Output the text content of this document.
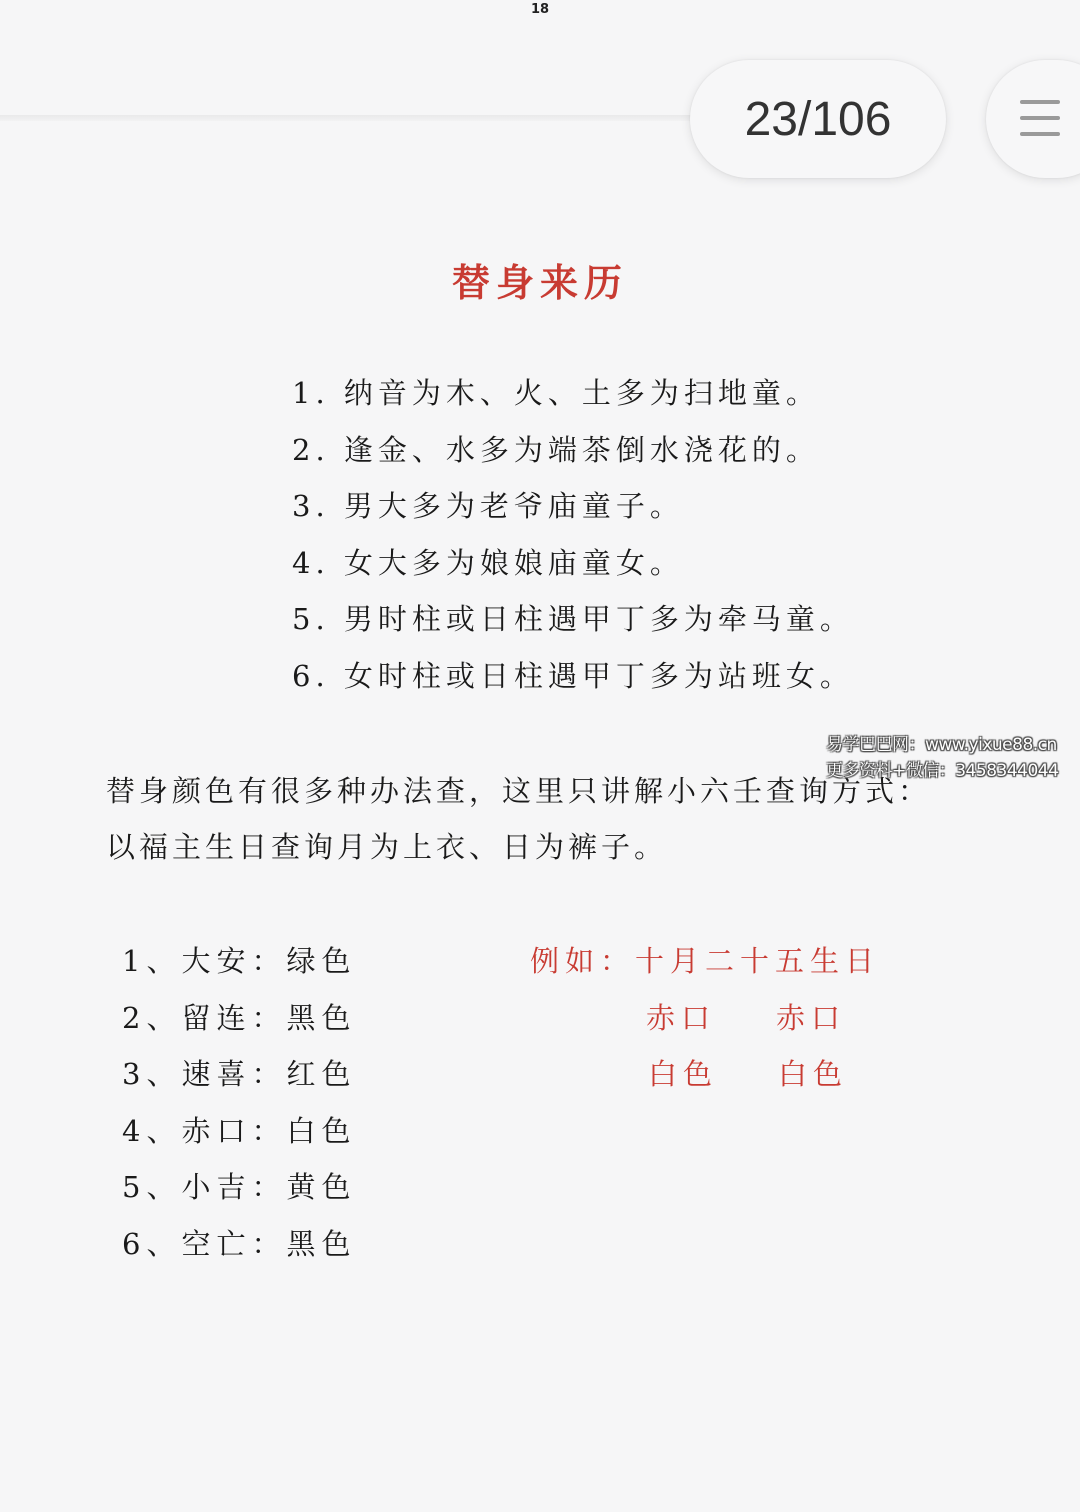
18
23/106
替身来历
1. 纳音为木、火、土多为扫地童。
2. 逢金、水多为端茶倒水浇花的。
3. 男大多为老爷庙童子。
4. 女大多为娘娘庙童女。
5. 男时柱或日柱遇甲丁多为牵马童。
6. 女时柱或日柱遇甲丁多为站班女。
替身颜色有很多种办法查，这里只讲解小六壬查询方式：
以福主生日查询月为上衣、日为裤子。
易学巴巴网：www.yixue88.cn
更多资料+微信：3458344044
1、大安：绿色
2、留连：黑色
3、速喜：红色
4、赤口：白色
5、小吉：黄色
6、空亡：黑色
例如：十月二十五生日
赤口 赤口
白色 白色
